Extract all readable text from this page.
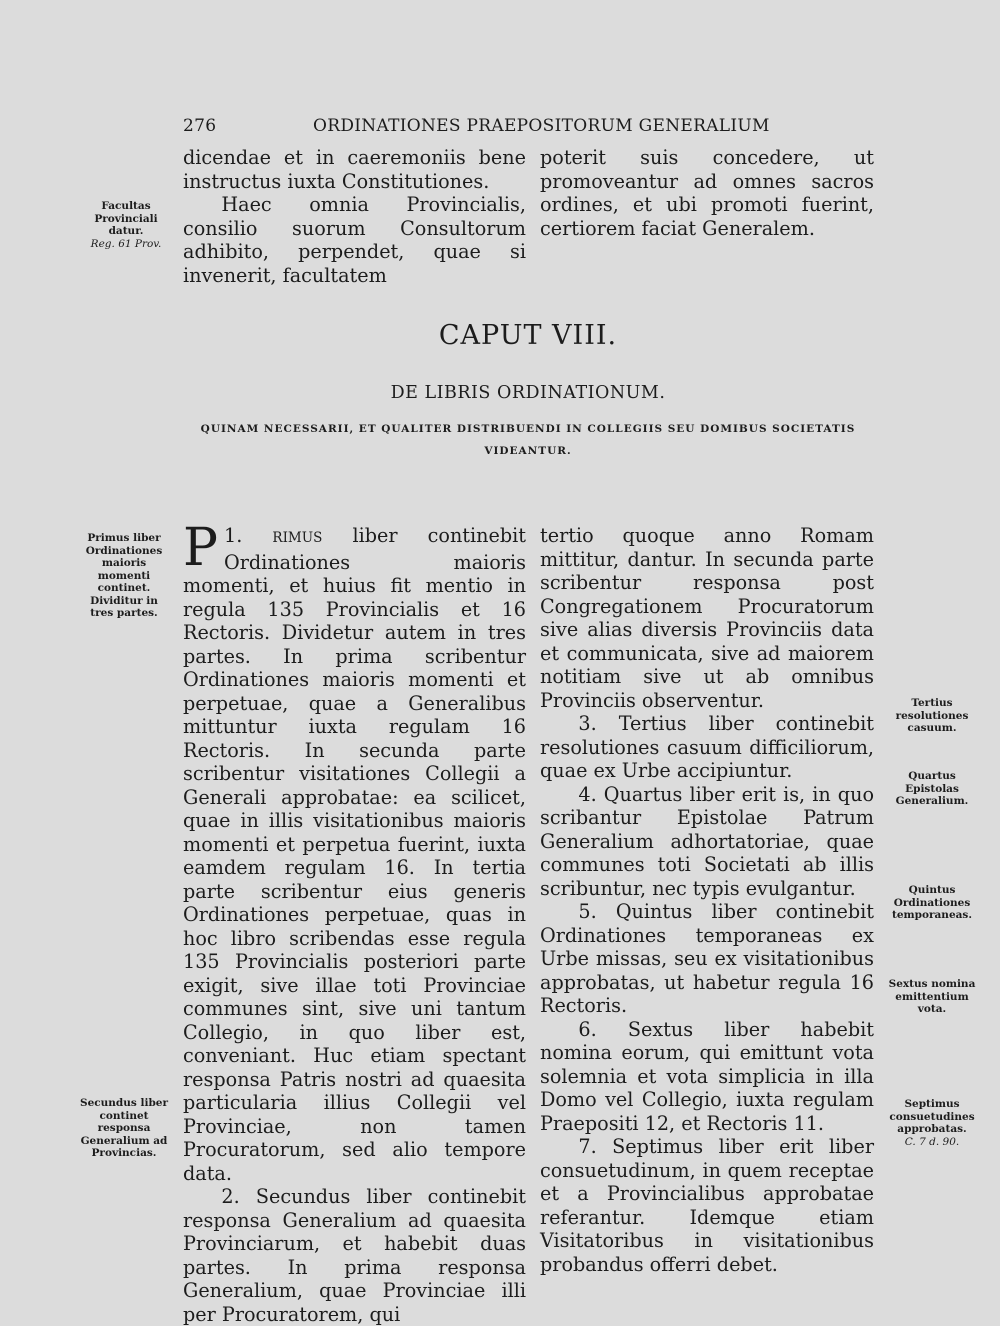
276	ORDINATIONES PRAEPOSITORUM GENERALIUM
Facultas Provinciali datur.
Reg. 61 Prov.
Primus liber Ordinationes maioris momenti continet. Dividitur in tres partes.
Secundus liber continet responsa Generalium ad Provincias.
Tertius resolutiones casuum.
Quartus Epistolas Generalium.
Quintus Ordinationes temporaneas.
Sextus nomina emittentium vota.
Septimus consuetudines approbatas.
C. 7 d. 90.

dicendae et in caeremoniis bene instructus iuxta Constitutiones.

Haec omnia Provincialis, consilio suorum Consultorum adhibito, perpendet, quae si invenerit, facultatem

poterit suis concedere, ut promoveantur ad omnes sacros ordines, et ubi promoti fuerint, certiorem faciat Generalem.

CAPUT VIII.
DE LIBRIS ORDINATIONUM.
QUINAM NECESSARII, ET QUALITER DISTRIBUENDI IN COLLEGIIS SEU DOMIBUS SOCIETATIS VIDEANTUR.

1.
P	RIMUS liber continebit Ordinationes maioris momenti, et huius fit mentio in regula 135 Provincialis et 16 Rectoris. Dividetur autem in tres partes. In prima scribentur Ordinationes maioris momenti et perpetuae, quae a Generalibus mittuntur iuxta regulam 16 Rectoris. In secunda parte scribentur visitationes Collegii a Generali approbatae: ea scilicet, quae in illis visitationibus maioris momenti et perpetua fuerint, iuxta eamdem regulam 16. In tertia parte scribentur eius generis Ordinationes perpetuae, quas in hoc libro scribendas esse regula 135 Provincialis posteriori parte exigit, sive illae toti Provinciae communes sint, sive uni tantum Collegio, in quo liber est, conveniant. Huc etiam spectant responsa Patris nostri ad quaesita particularia illius Collegii vel Provinciae, non tamen Procuratorum, sed alio tempore data.

2. Secundus liber continebit responsa Generalium ad quaesita Provinciarum, et habebit duas partes. In prima responsa Generalium, quae Provinciae illi per Procuratorem, qui

tertio quoque anno Romam mittitur, dantur. In secunda parte scribentur responsa post Congregationem Procuratorum sive alias diversis Provinciis data et communicata, sive ad maiorem notitiam sive ut ab omnibus Provinciis observentur.

3. Tertius liber continebit resolutiones casuum difficiliorum, quae ex Urbe accipiuntur.

4. Quartus liber erit is, in quo scribantur Epistolae Patrum Generalium adhortatoriae, quae communes toti Societati ab illis scribuntur, nec typis evulgantur.

5. Quintus liber continebit Ordinationes temporaneas ex Urbe missas, seu ex visitationibus approbatas, ut habetur regula 16 Rectoris.

6. Sextus liber habebit nomina eorum, qui emittunt vota solemnia et vota simplicia in illa Domo vel Collegio, iuxta regulam Praepositi 12, et Rectoris 11.

7. Septimus liber erit liber consuetudinum, in quem receptae et a Provincialibus approbatae referantur. Idemque etiam Visitatoribus in visitationibus probandus offerri debet.
